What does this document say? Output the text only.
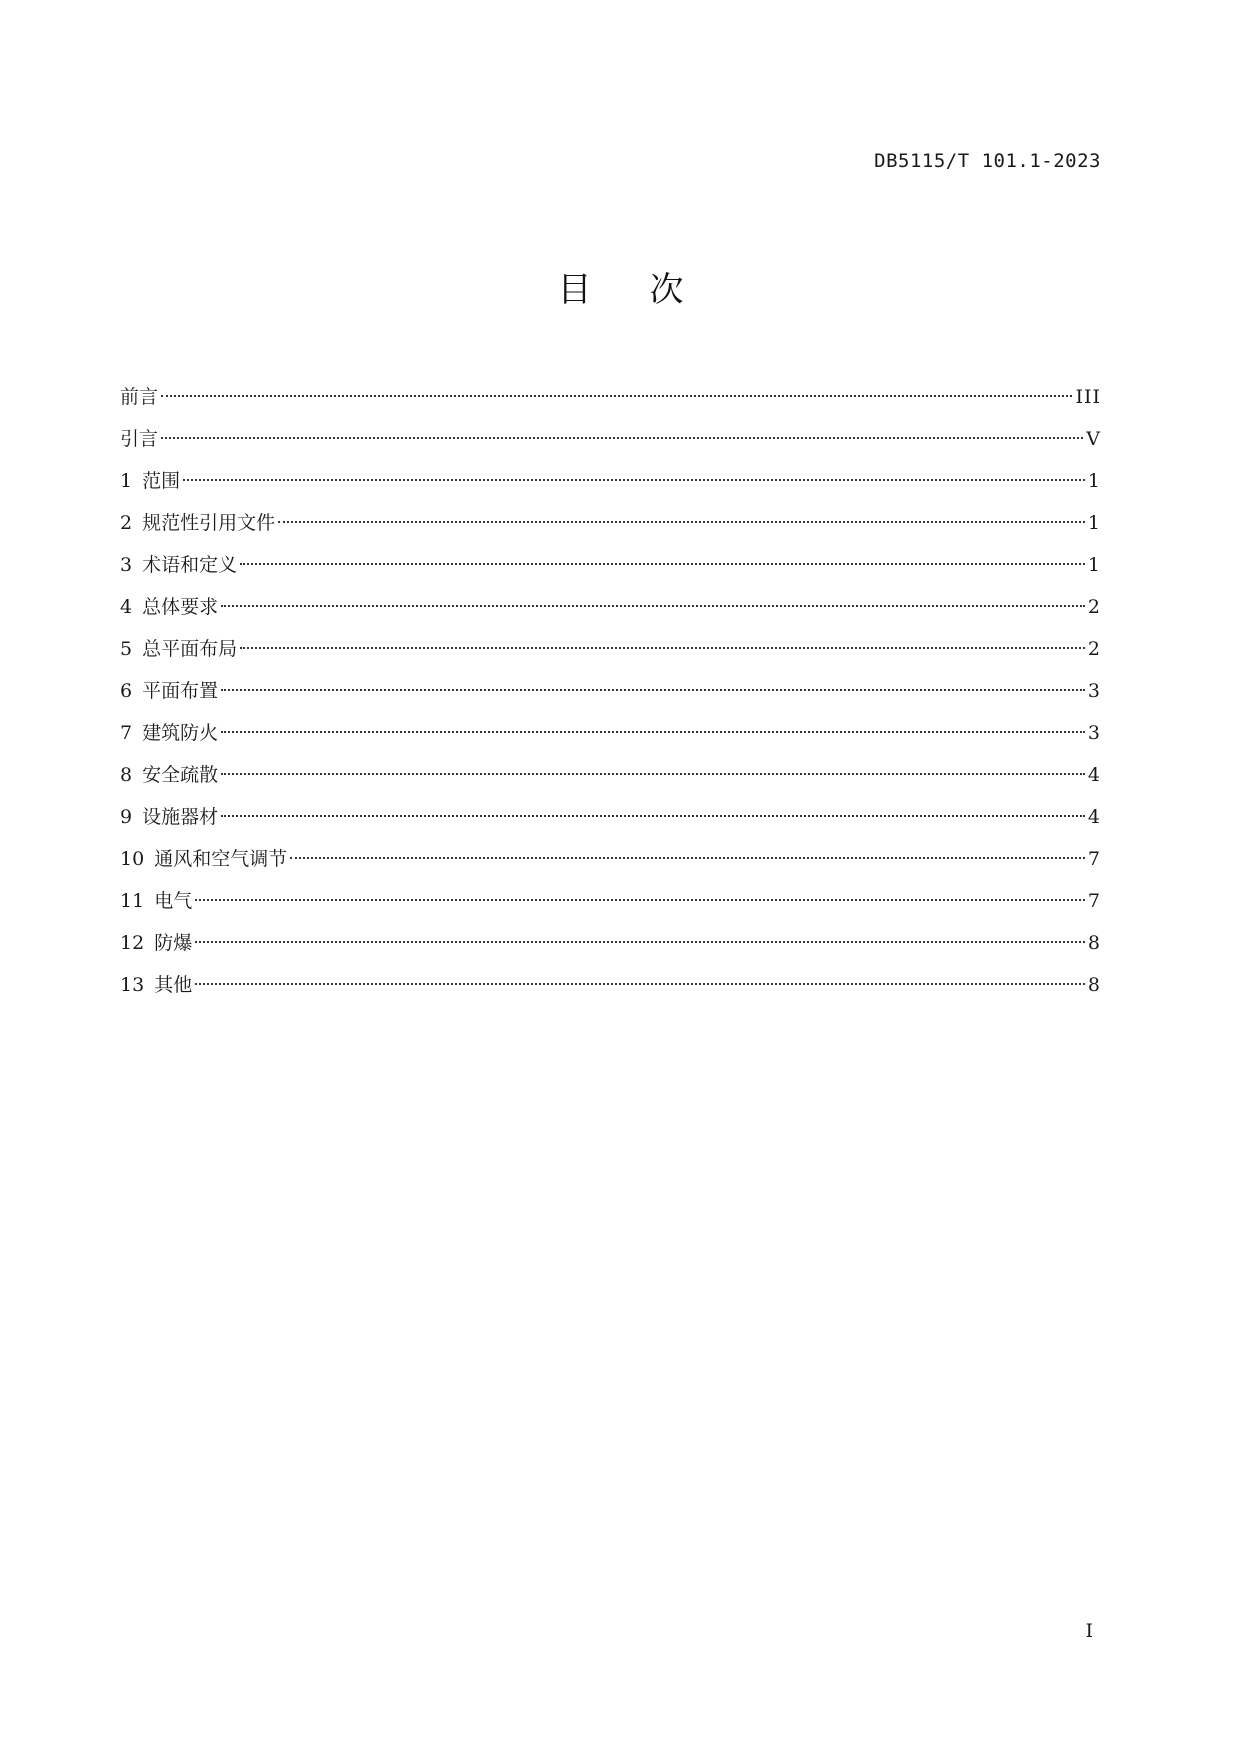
DB5115/T 101.1-2023
目次
前言	III
引言	V
1 范围	1
2 规范性引用文件	1
3 术语和定义	1
4 总体要求	2
5 总平面布局	2
6 平面布置	3
7 建筑防火	3
8 安全疏散	4
9 设施器材	4
10 通风和空气调节	7
11 电气	7
12 防爆	8
13 其他	8
I
